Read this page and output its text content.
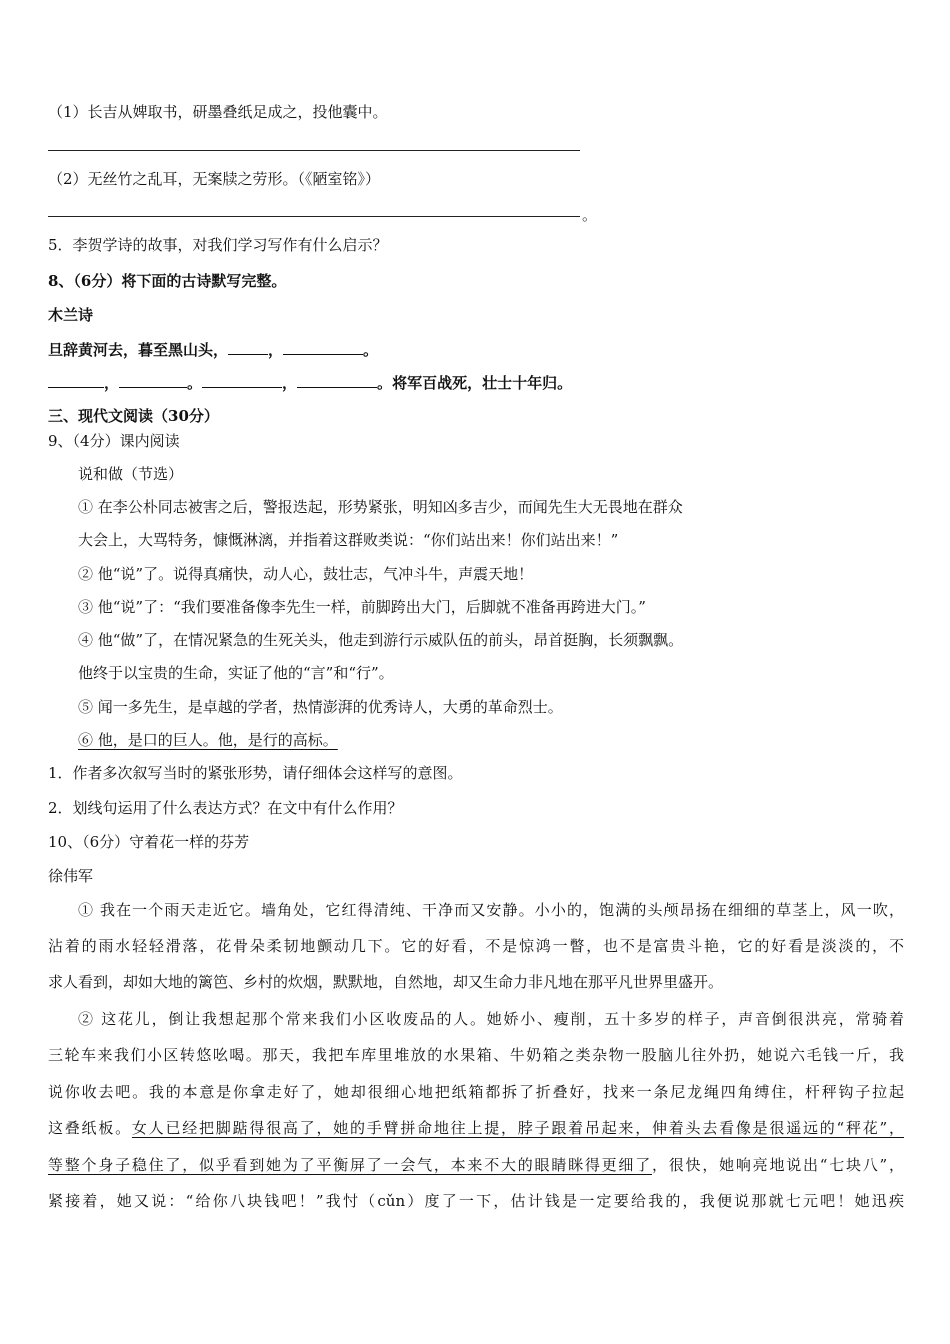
（1）长吉从婢取书，研墨叠纸足成之，投他囊中。
（2）无丝竹之乱耳，无案牍之劳形。（《陋室铭》）
。
5．李贺学诗的故事，对我们学习写作有什么启示？
8、（6分）将下面的古诗默写完整。
木兰诗
旦辞黄河去，暮至黑山头，	，	。
，	。	，	。将军百战死，壮士十年归。
三、现代文阅读（30分）
9、（4分）课内阅读
说和做（节选）
① 在李公朴同志被害之后，警报迭起，形势紧张，明知凶多吉少，而闻先生大无畏地在群众
大会上，大骂特务，慷慨淋漓，并指着这群败类说：“你们站出来！你们站出来！”
② 他“说”了。说得真痛快，动人心，鼓壮志，气冲斗牛，声震天地！
③ 他“说”了：“我们要准备像李先生一样，前脚跨出大门，后脚就不准备再跨进大门。”
④ 他“做”了，在情况紧急的生死关头，他走到游行示威队伍的前头，昂首挺胸，长须飘飘。
他终于以宝贵的生命，实证了他的“言”和“行”。
⑤ 闻一多先生，是卓越的学者，热情澎湃的优秀诗人，大勇的革命烈士。
⑥ 他，是口的巨人。他，是行的高标。
1．作者多次叙写当时的紧张形势，请仔细体会这样写的意图。
2．划线句运用了什么表达方式？在文中有什么作用？
10、（6分）守着花一样的芬芳
徐伟军
① 我在一个雨天走近它。墙角处，它红得清纯、干净而又安静。小小的，饱满的头颅昂扬在细细的草茎上，风一吹，
沾着的雨水轻轻滑落，花骨朵柔韧地颤动几下。它的好看，不是惊鸿一瞥，也不是富贵斗艳，它的好看是淡淡的，不
求人看到，却如大地的篱笆、乡村的炊烟，默默地，自然地，却又生命力非凡地在那平凡世界里盛开。
② 这花儿，倒让我想起那个常来我们小区收废品的人。她娇小、瘦削，五十多岁的样子，声音倒很洪亮，常骑着
三轮车来我们小区转悠吆喝。那天，我把车库里堆放的水果箱、牛奶箱之类杂物一股脑儿往外扔，她说六毛钱一斤，我
说你收去吧。我的本意是你拿走好了，她却很细心地把纸箱都拆了折叠好，找来一条尼龙绳四角缚住，杆秤钩子拉起
这叠纸板。女人已经把脚踮得很高了，她的手臂拼命地往上提，脖子跟着吊起来，伸着头去看像是很遥远的“秤花”，
等整个身子稳住了，似乎看到她为了平衡屏了一会气，本来不大的眼睛眯得更细了，很快，她响亮地说出“七块八”，
紧接着，她又说：“给你八块钱吧！”我忖（cǔn）度了一下，估计钱是一定要给我的，我便说那就七元吧！她迅疾
